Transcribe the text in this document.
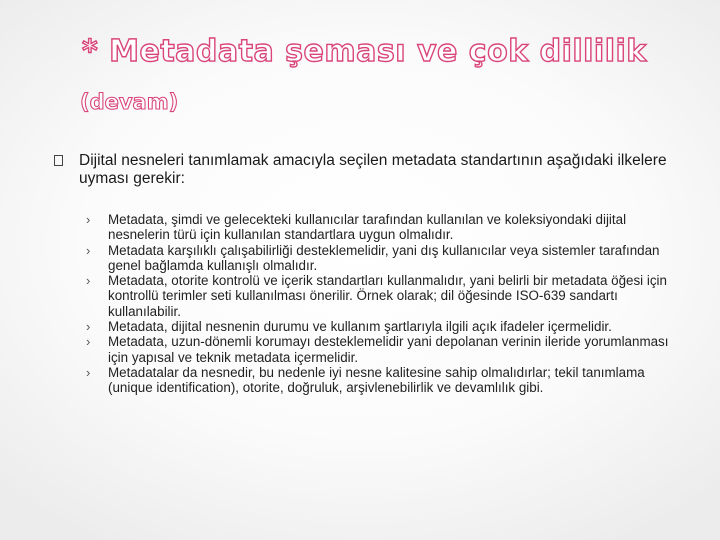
* Metadata şeması ve çok dillilik
(devam)
Dijital nesneleri tanımlamak amacıyla seçilen metadata standartının aşağıdaki ilkelere uyması gerekir:
› Metadata, şimdi ve gelecekteki kullanıcılar tarafından kullanılan ve koleksiyondaki dijital nesnelerin türü için kullanılan standartlara uygun olmalıdır.
› Metadata karşılıklı çalışabilirliği desteklemelidir, yani dış kullanıcılar veya sistemler tarafından genel bağlamda kullanışlı olmalıdır.
› Metadata, otorite kontrolü ve içerik standartları kullanmalıdır, yani belirli bir metadata öğesi için kontrollü terimler seti kullanılması önerilir. Örnek olarak; dil öğesinde ISO-639 sandartı kullanılabilir.
› Metadata, dijital nesnenin durumu ve kullanım şartlarıyla ilgili açık ifadeler içermelidir.
› Metadata, uzun-dönemli korumayı desteklemelidir yani depolanan verinin ileride yorumlanması için yapısal ve teknik metadata içermelidir.
› Metadatalar da nesnedir, bu nedenle iyi nesne kalitesine sahip olmalıdırlar; tekil tanımlama (unique identification), otorite, doğruluk, arşivlenebilirlik ve devamlılık gibi.
